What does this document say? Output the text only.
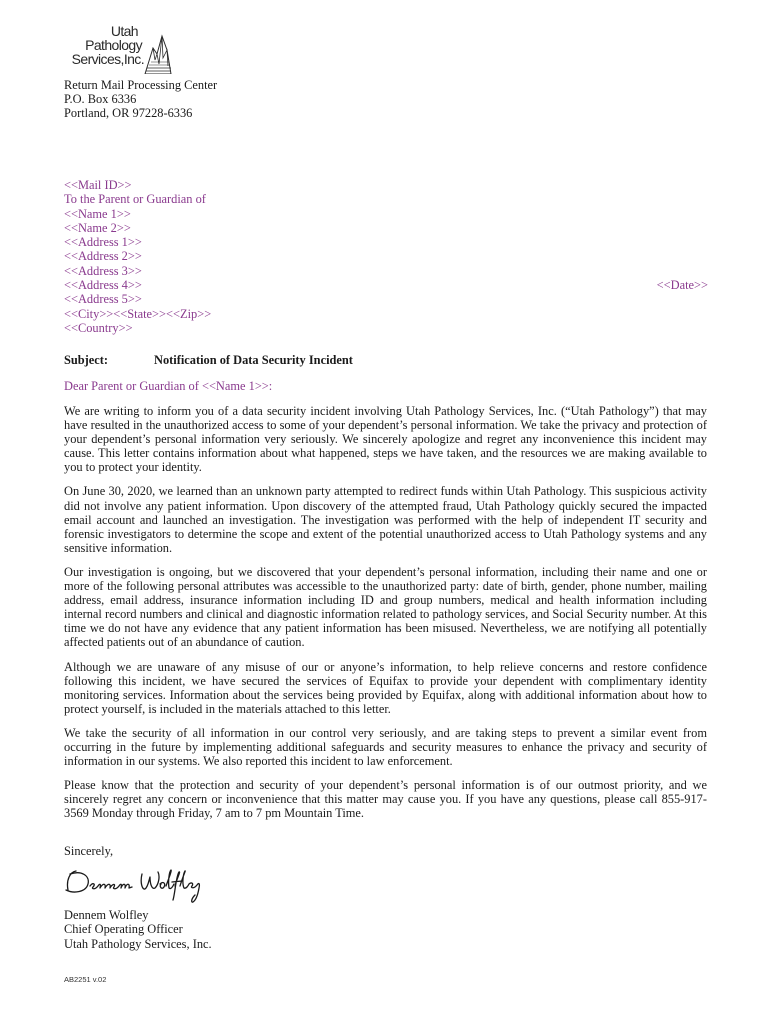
Utah
Pathology
Services,Inc.
Return Mail Processing Center
P.O. Box 6336
Portland, OR 97228-6336
<<Mail ID>>
To the Parent or Guardian of
<<Name 1>>
<<Name 2>>
<<Address 1>>
<<Address 2>>
<<Address 3>>
<<Address 4>>
<<Address 5>>
<<City>><<State>><<Zip>>
<<Country>>
<<Date>>
Subject:	Notification of Data Security Incident
Dear Parent or Guardian of <<Name 1>>:

We are writing to inform you of a data security incident involving Utah Pathology Services, Inc. (“Utah Pathology”) that may have resulted in the unauthorized access to some of your dependent’s personal information. We take the privacy and protection of your dependent’s personal information very seriously. We sincerely apologize and regret any inconvenience this incident may cause. This letter contains information about what happened, steps we have taken, and the resources we are making available to you to protect your identity.

On June 30, 2020, we learned than an unknown party attempted to redirect funds within Utah Pathology. This suspicious activity did not involve any patient information. Upon discovery of the attempted fraud, Utah Pathology quickly secured the impacted email account and launched an investigation. The investigation was performed with the help of independent IT security and forensic investigators to determine the scope and extent of the potential unauthorized access to Utah Pathology systems and any sensitive information.

Our investigation is ongoing, but we discovered that your dependent’s personal information, including their name and one or more of the following personal attributes was accessible to the unauthorized party: date of birth, gender, phone number, mailing address, email address, insurance information including ID and group numbers, medical and health information including internal record numbers and clinical and diagnostic information related to pathology services, and Social Security number. At this time we do not have any evidence that any patient information has been misused. Nevertheless, we are notifying all potentially affected patients out of an abundance of caution.

Although we are unaware of any misuse of our or anyone’s information, to help relieve concerns and restore confidence following this incident, we have secured the services of Equifax to provide your dependent with complimentary identity monitoring services. Information about the services being provided by Equifax, along with additional information about how to protect yourself, is included in the materials attached to this letter.

We take the security of all information in our control very seriously, and are taking steps to prevent a similar event from occurring in the future by implementing additional safeguards and security measures to enhance the privacy and security of information in our systems. We also reported this incident to law enforcement.

Please know that the protection and security of your dependent’s personal information is of our outmost priority, and we sincerely regret any concern or inconvenience that this matter may cause you. If you have any questions, please call 855-917-3569 Monday through Friday, 7 am to 7 pm Mountain Time.

Sincerely,
Dennem Wolfley
Chief Operating Officer
Utah Pathology Services, Inc.
AB2251 v.02
